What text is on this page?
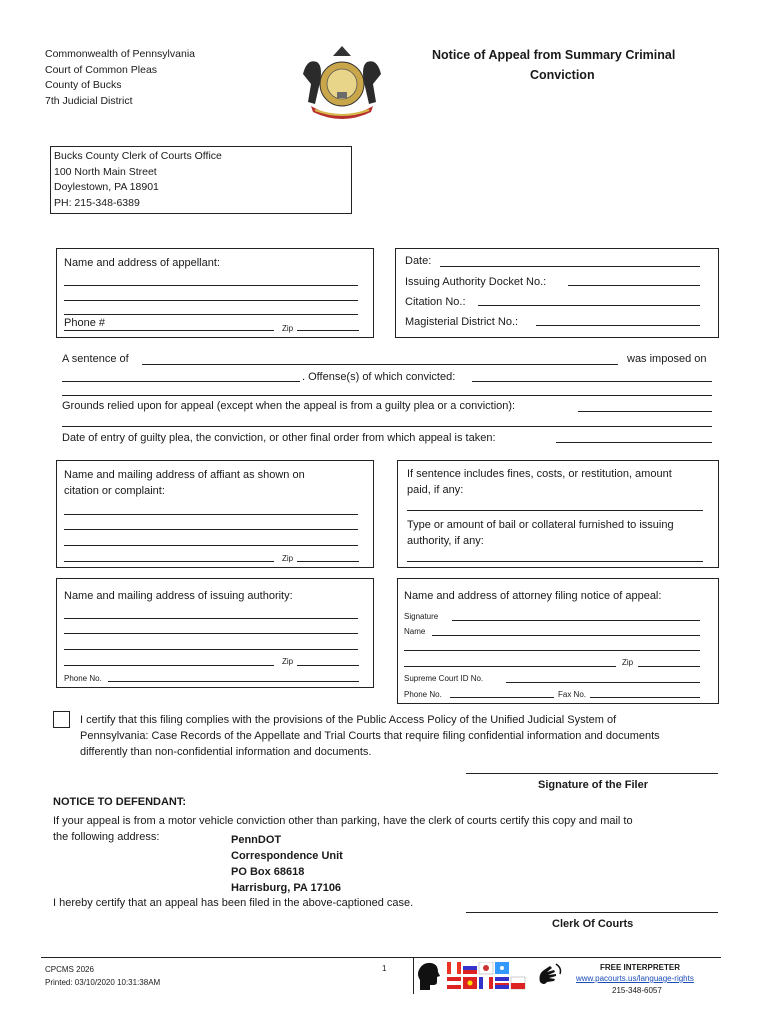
Commonwealth of Pennsylvania
Court of Common Pleas
County of Bucks
7th Judicial District
Notice of Appeal from Summary Criminal
Conviction
Bucks County Clerk of Courts Office
100 North Main Street
Doylestown, PA 18901
PH: 215-348-6389
Name and address of appellant:
Phone #	Zip
Date:
Issuing Authority Docket No.:
Citation No.:
Magisterial District No.:
A sentence of	was imposed on
. Offense(s) of which convicted:
Grounds relied upon for appeal (except when the appeal is from a guilty plea or a conviction):
Date of entry of guilty plea, the conviction, or other final order from which appeal is taken:
Name and mailing address of affiant as shown on
citation or complaint:
Zip
If sentence includes fines, costs, or restitution, amount
paid, if any:
Type or amount of bail or collateral furnished to issuing
authority, if any:
Name and mailing address of issuing authority:
Zip
Phone No.
Name and address of attorney filing notice of appeal:
Signature
Name
Zip
Supreme Court ID No.
Phone No.	Fax No.
I certify that this filing complies with the provisions of the Public Access Policy of the Unified Judicial System of
Pennsylvania: Case Records of the Appellate and Trial Courts that require filing confidential information and documents
differently than non-confidential information and documents.
Signature of the Filer
NOTICE TO DEFENDANT:
If your appeal is from a motor vehicle conviction other than parking, have the clerk of courts certify this copy and mail to
the following address:	PennDOT
Correspondence Unit
PO Box 68618
Harrisburg, PA 17106
I hereby certify that an appeal has been filed in the above-captioned case.
Clerk Of Courts
CPCMS 2026
Printed: 03/10/2020 10:31:38AM
1	FREE INTERPRETER
www.pacourts.us/language-rights
215-348-6057
